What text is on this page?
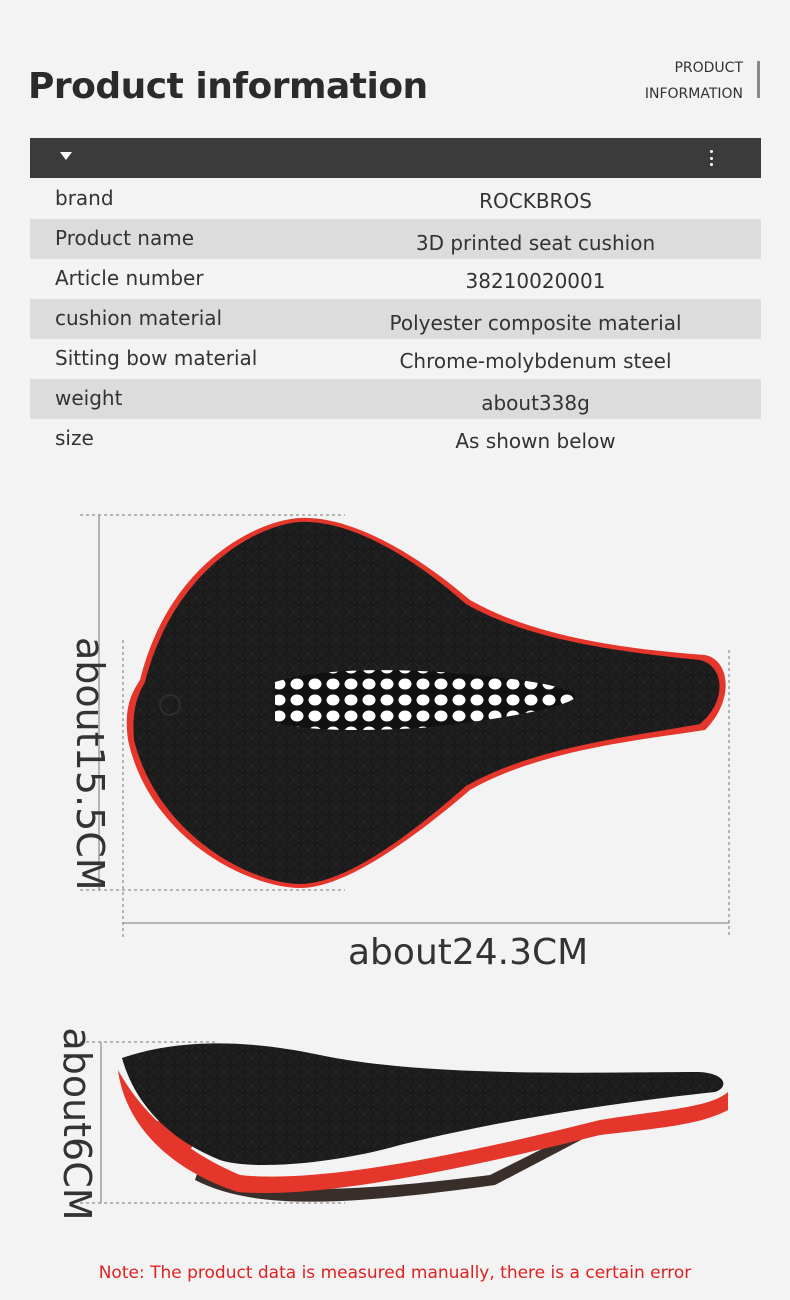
Product information	PRODUCT
INFORMATION
brand	ROCKBROS
Product name	3D printed seat cushion
Article number	38210020001
cushion material	Polyester composite material
Sitting bow material	Chrome-molybdenum steel
weight	about338g
size	As shown below
about15.5CM
about24.3CM
about6CM
Note: The product data is measured manually, there is a certain error
